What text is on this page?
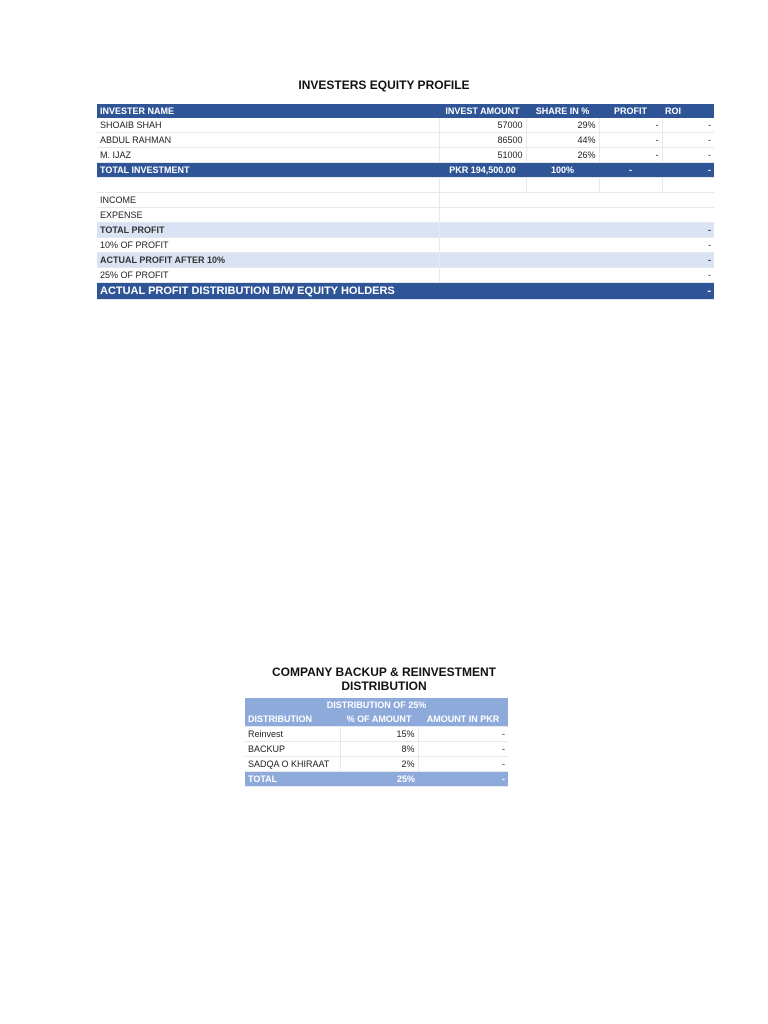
INVESTERS EQUITY PROFILE
INVESTER NAME	INVEST AMOUNT	SHARE IN %	PROFIT	ROI
SHOAIB SHAH	57000	29%	-	-
ABDUL RAHMAN	86500	44%	-	-
M. IJAZ	51000	26%	-	-
TOTAL INVESTMENT	PKR 194,500.00	100%	-	-

INCOME				
EXPENSE				
TOTAL PROFIT	-			
10% OF PROFIT	-			
ACTUAL PROFIT AFTER 10%	-			
25% OF PROFIT	-			
ACTUAL PROFIT DISTRIBUTION B/W EQUITY HOLDERS				-
COMPANY BACKUP & REINVESTMENT
DISTRIBUTION
DISTRIBUTION OF 25%		
DISTRIBUTION	% OF AMOUNT	AMOUNT IN PKR
Reinvest	15%	-
BACKUP	8%	-
SADQA O KHIRAAT	2%	-
TOTAL	25%	-
